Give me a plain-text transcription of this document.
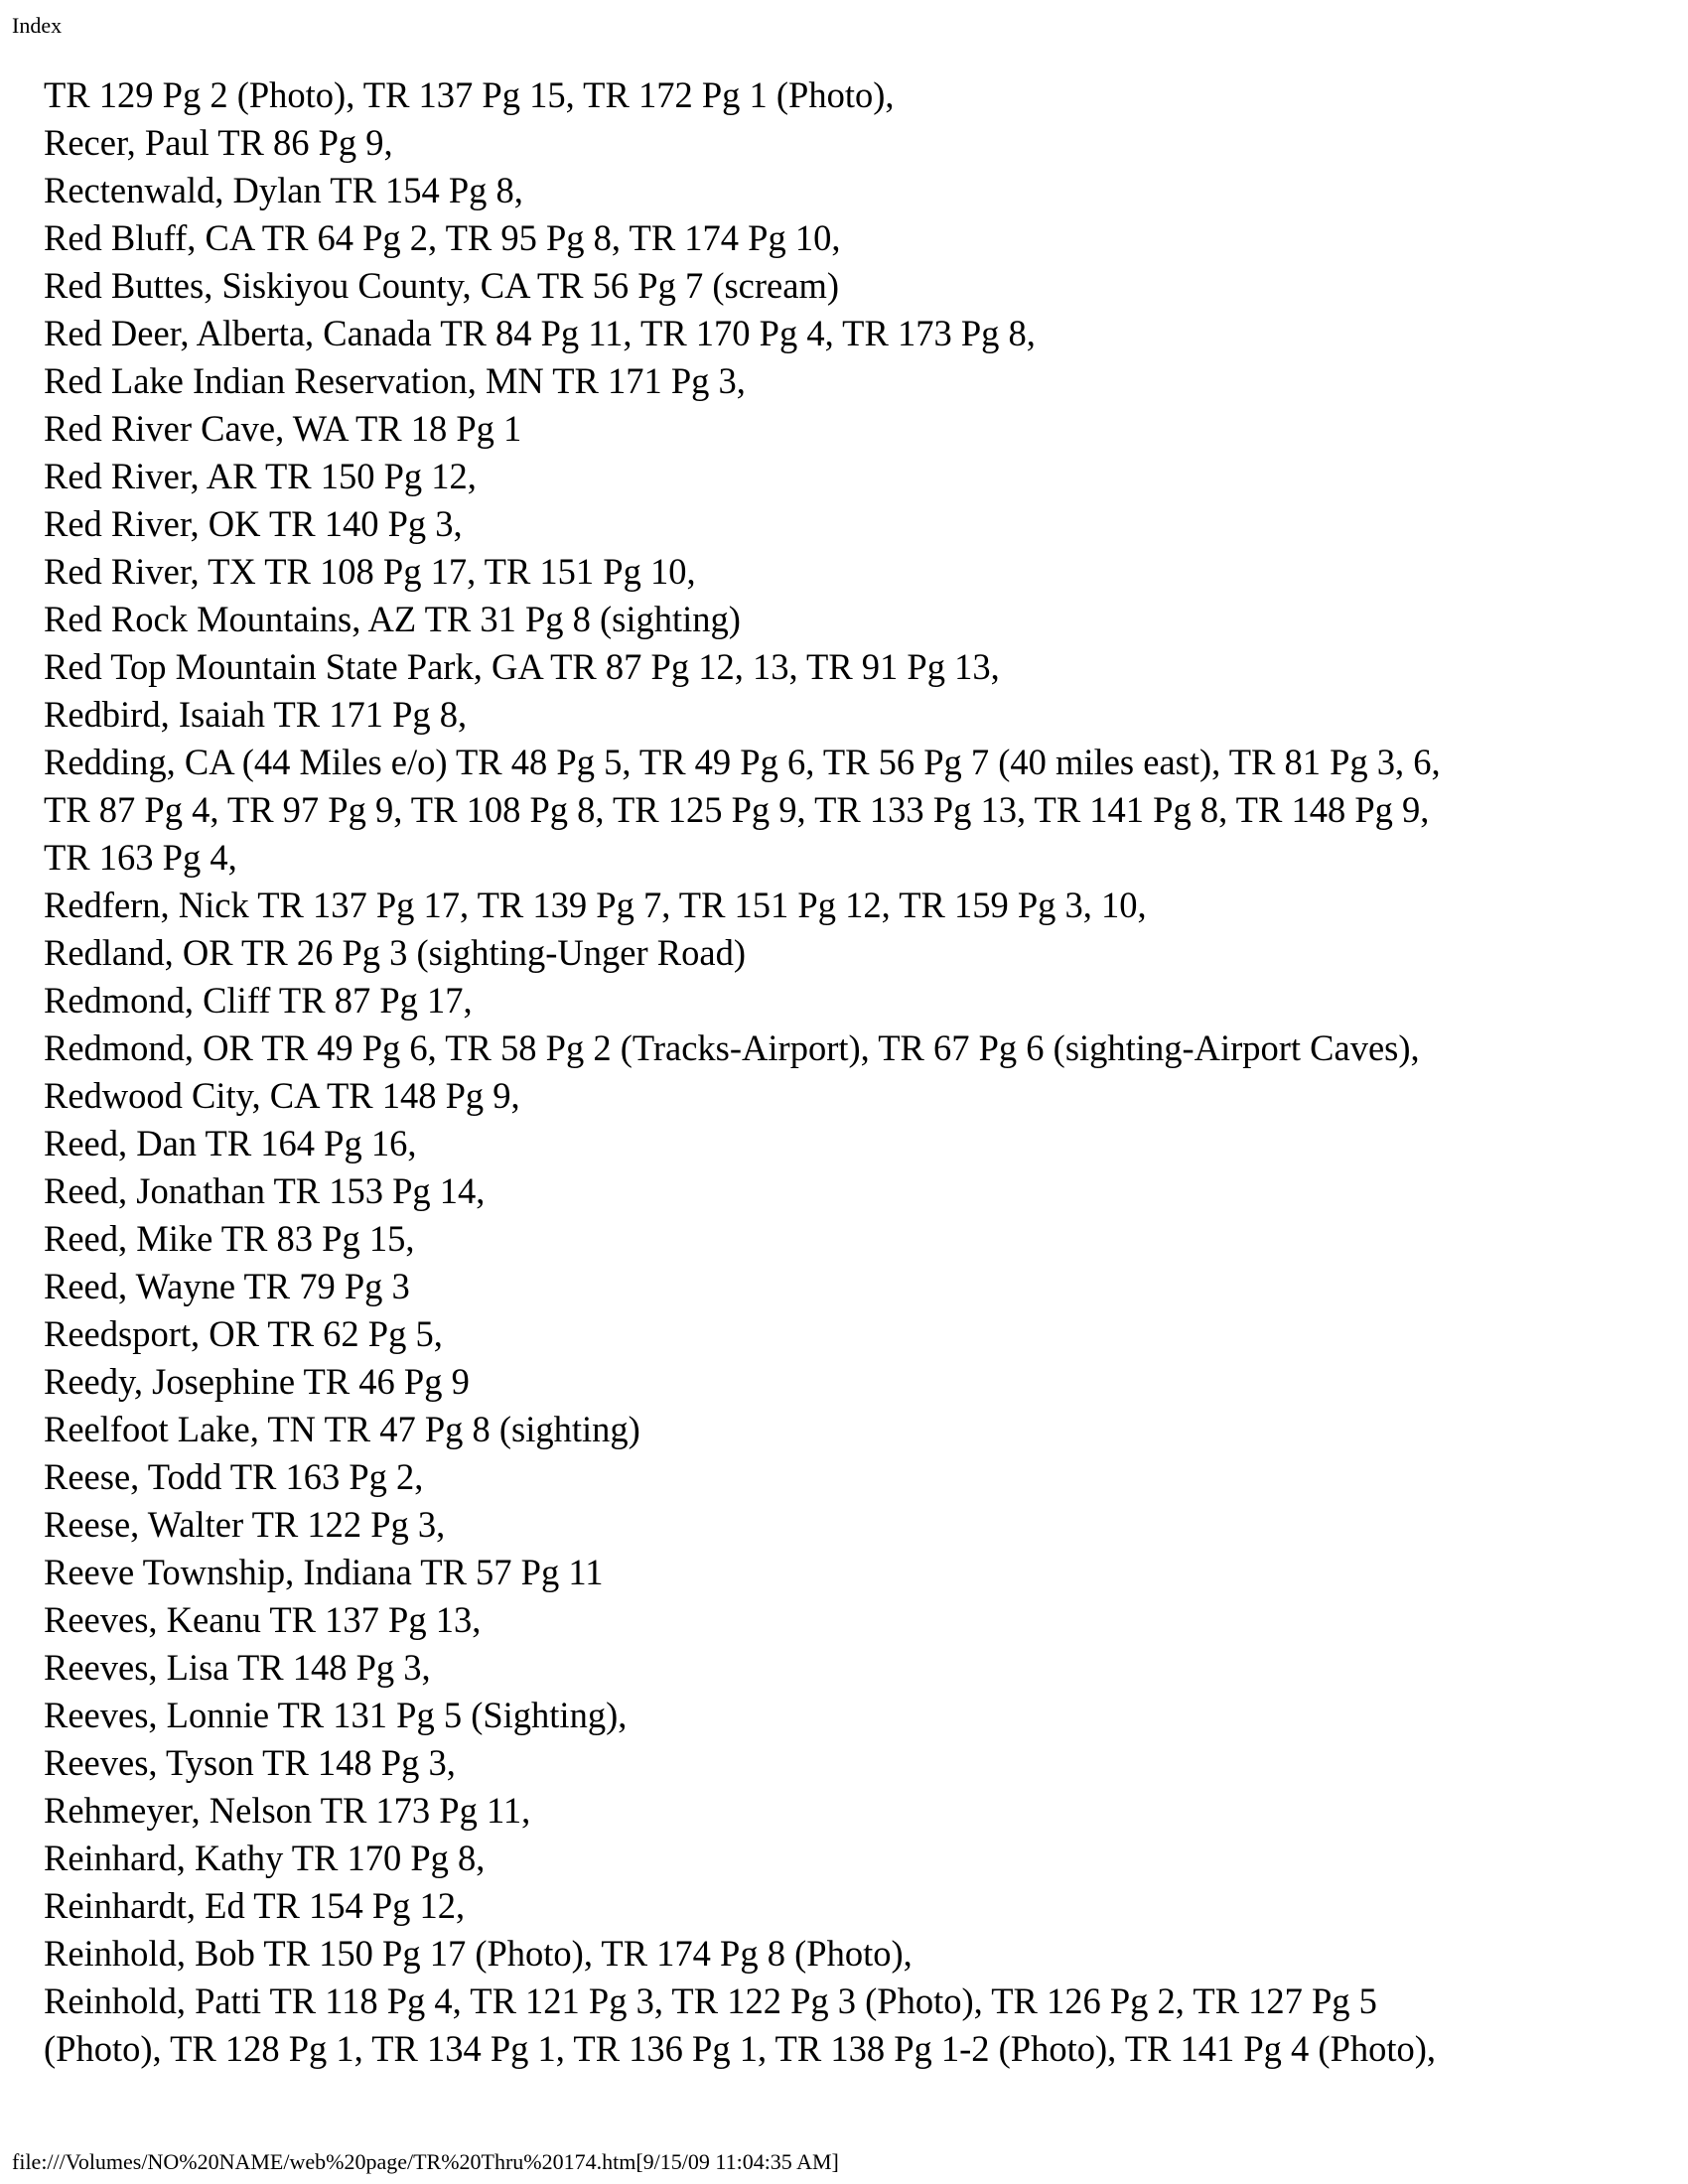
Index

TR 129 Pg 2 (Photo), TR 137 Pg 15, TR 172 Pg 1 (Photo),

Recer, Paul TR 86 Pg 9,

Rectenwald, Dylan TR 154 Pg 8,

Red Bluff, CA TR 64 Pg 2, TR 95 Pg 8, TR 174 Pg 10,

Red Buttes, Siskiyou County, CA TR 56 Pg 7 (scream)

Red Deer, Alberta, Canada TR 84 Pg 11, TR 170 Pg 4, TR 173 Pg 8,

Red Lake Indian Reservation, MN TR 171 Pg 3,

Red River Cave, WA TR 18 Pg 1

Red River, AR TR 150 Pg 12,

Red River, OK TR 140 Pg 3,

Red River, TX TR 108 Pg 17, TR 151 Pg 10,

Red Rock Mountains, AZ TR 31 Pg 8 (sighting)

Red Top Mountain State Park, GA TR 87 Pg 12, 13, TR 91 Pg 13,

Redbird, Isaiah TR 171 Pg 8,

Redding, CA (44 Miles e/o) TR 48 Pg 5, TR 49 Pg 6, TR 56 Pg 7 (40 miles east), TR 81 Pg 3, 6,

TR 87 Pg 4, TR 97 Pg 9, TR 108 Pg 8, TR 125 Pg 9, TR 133 Pg 13, TR 141 Pg 8, TR 148 Pg 9,

TR 163 Pg 4,

Redfern, Nick TR 137 Pg 17, TR 139 Pg 7, TR 151 Pg 12, TR 159 Pg 3, 10,

Redland, OR TR 26 Pg 3 (sighting-Unger Road)

Redmond, Cliff TR 87 Pg 17,

Redmond, OR TR 49 Pg 6, TR 58 Pg 2 (Tracks-Airport), TR 67 Pg 6 (sighting-Airport Caves),

Redwood City, CA TR 148 Pg 9,

Reed, Dan TR 164 Pg 16,

Reed, Jonathan TR 153 Pg 14,

Reed, Mike TR 83 Pg 15,

Reed, Wayne TR 79 Pg 3

Reedsport, OR TR 62 Pg 5,

Reedy, Josephine TR 46 Pg 9

Reelfoot Lake, TN TR 47 Pg 8 (sighting)

Reese, Todd TR 163 Pg 2,

Reese, Walter TR 122 Pg 3,

Reeve Township, Indiana TR 57 Pg 11

Reeves, Keanu TR 137 Pg 13,

Reeves, Lisa TR 148 Pg 3,

Reeves, Lonnie TR 131 Pg 5 (Sighting),

Reeves, Tyson TR 148 Pg 3,

Rehmeyer, Nelson TR 173 Pg 11,

Reinhard, Kathy TR 170 Pg 8,

Reinhardt, Ed TR 154 Pg 12,

Reinhold, Bob TR 150 Pg 17 (Photo), TR 174 Pg 8 (Photo),

Reinhold, Patti TR 118 Pg 4, TR 121 Pg 3, TR 122 Pg 3 (Photo), TR 126 Pg 2, TR 127 Pg 5

(Photo), TR 128 Pg 1, TR 134 Pg 1, TR 136 Pg 1, TR 138 Pg 1-2 (Photo), TR 141 Pg 4 (Photo),

file:///Volumes/NO%20NAME/web%20page/TR%20Thru%20174.htm[9/15/09 11:04:35 AM]
